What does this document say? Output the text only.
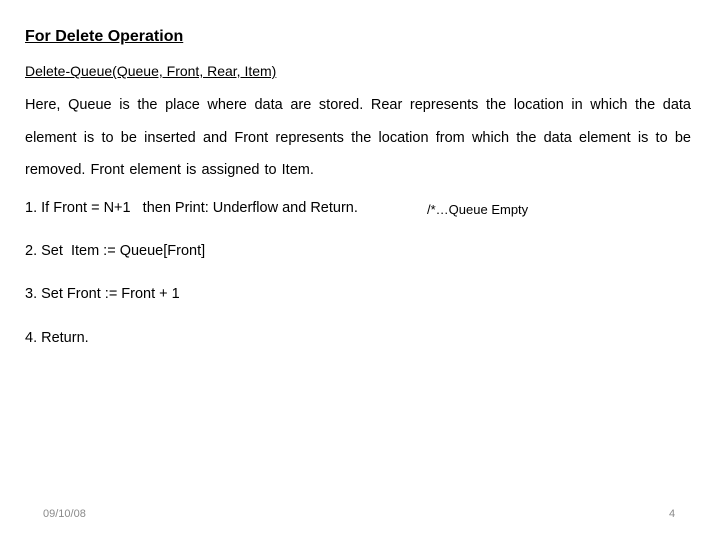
For Delete Operation
Delete-Queue(Queue, Front, Rear, Item)
Here, Queue is the place where data are stored. Rear represents the location in which the data element is to be inserted and Front represents the location from which the data element is to be removed. Front element is assigned to Item.
1. If Front = N+1   then Print: Underflow and Return.	/*…Queue Empty
2. Set  Item := Queue[Front]
3. Set Front := Front + 1
4. Return.
09/10/08	4
